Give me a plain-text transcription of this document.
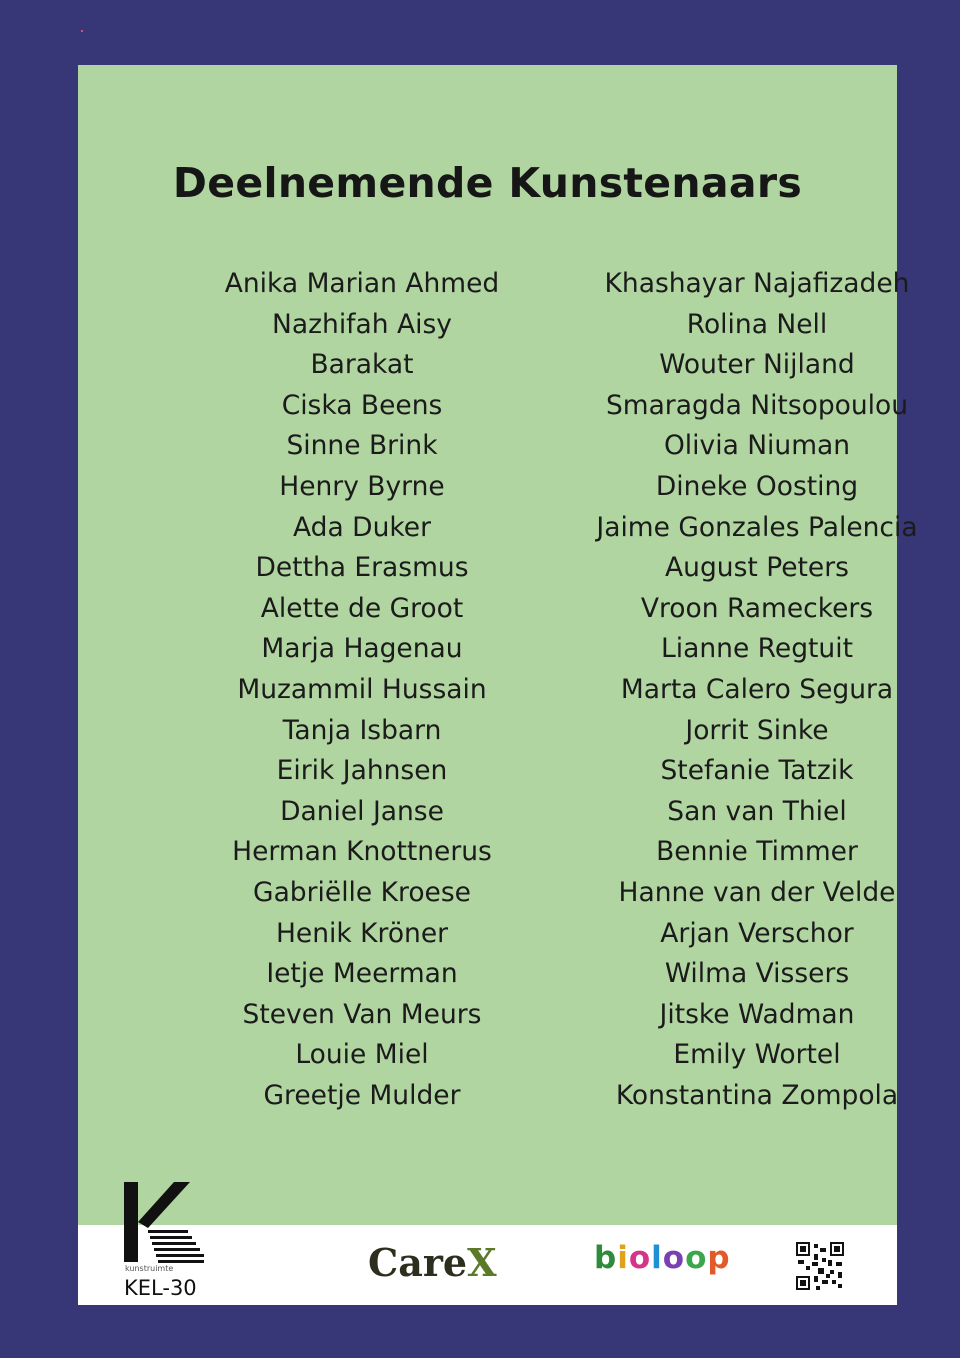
Deelnemende Kunstenaars
Anika Marian Ahmed
Nazhifah Aisy
Barakat
Ciska Beens
Sinne Brink
Henry Byrne
Ada Duker
Dettha Erasmus
Alette de Groot
Marja Hagenau
Muzammil Hussain
Tanja Isbarn
Eirik Jahnsen
Daniel Janse
Herman Knottnerus
Gabriëlle Kroese
Henik Kröner
Ietje Meerman
Steven Van Meurs
Louie Miel
Greetje Mulder
Khashayar Najafizadeh
Rolina Nell
Wouter Nijland
Smaragda Nitsopoulou
Olivia Niuman
Dineke Oosting
Jaime Gonzales Palencia
August Peters
Vroon Rameckers
Lianne Regtuit
Marta Calero Segura
Jorrit Sinke
Stefanie Tatzik
San van Thiel
Bennie Timmer
Hanne van der Velde
Arjan Verschor
Wilma Vissers
Jitske Wadman
Emily Wortel
Konstantina Zompola
kunstruimte
KEL-30
CareX	bioloop
